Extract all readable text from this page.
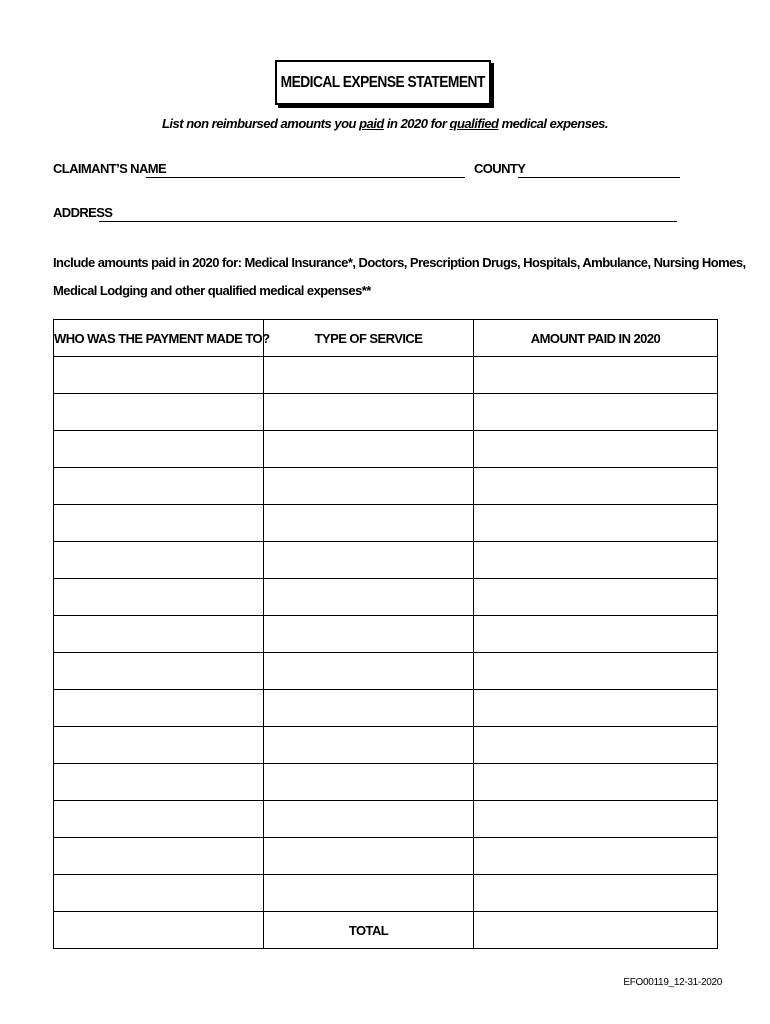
MEDICAL EXPENSE STATEMENT
List non reimbursed amounts you paid in 2020 for qualified medical expenses.
CLAIMANT’S NAME	COUNTY
ADDRESS
Include amounts paid in 2020 for: Medical Insurance*, Doctors, Prescription Drugs, Hospitals, Ambulance, Nursing Homes,
Medical Lodging and other qualified medical expenses**
WHO WAS THE PAYMENT MADE TO?	TYPE OF SERVICE	AMOUNT PAID IN 2020

	TOTAL	
EFO00119_12-31-2020
